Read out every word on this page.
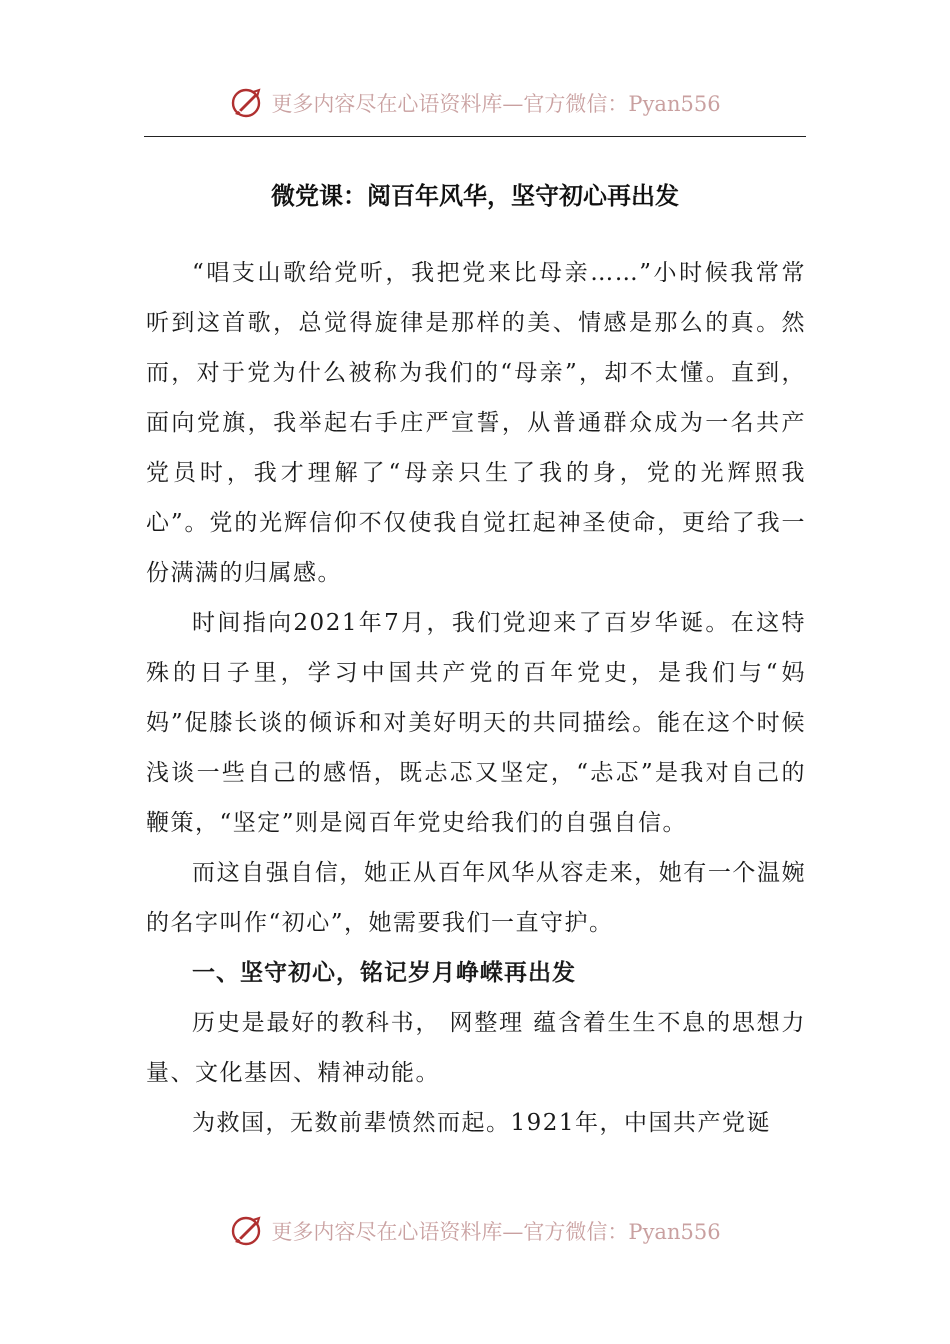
更多内容尽在心语资料库—官方微信：Pyan556
微党课：阅百年风华，坚守初心再出发

“唱支山歌给党听，我把党来比母亲……”小时候我常常听到这首歌，总觉得旋律是那样的美、情感是那么的真。然而，对于党为什么被称为我们的“母亲”，却不太懂。直到，面向党旗，我举起右手庄严宣誓，从普通群众成为一名共产党员时，我才理解了“母亲只生了我的身，党的光辉照我心”。党的光辉信仰不仅使我自觉扛起神圣使命，更给了我一份满满的归属感。

时间指向2021年7月，我们党迎来了百岁华诞。在这特殊的日子里，学习中国共产党的百年党史，是我们与“妈妈”促膝长谈的倾诉和对美好明天的共同描绘。能在这个时候浅谈一些自己的感悟，既忐忑又坚定，“忐忑”是我对自己的鞭策，“坚定”则是阅百年党史给我们的自强自信。

而这自强自信，她正从百年风华从容走来，她有一个温婉的名字叫作“初心”，她需要我们一直守护。

一、坚守初心，铭记岁月峥嵘再出发

历史是最好的教科书， 网整理 蕴含着生生不息的思想力量、文化基因、精神动能。

为救国，无数前辈愤然而起。1921年，中国共产党诞

更多内容尽在心语资料库—官方微信：Pyan556
